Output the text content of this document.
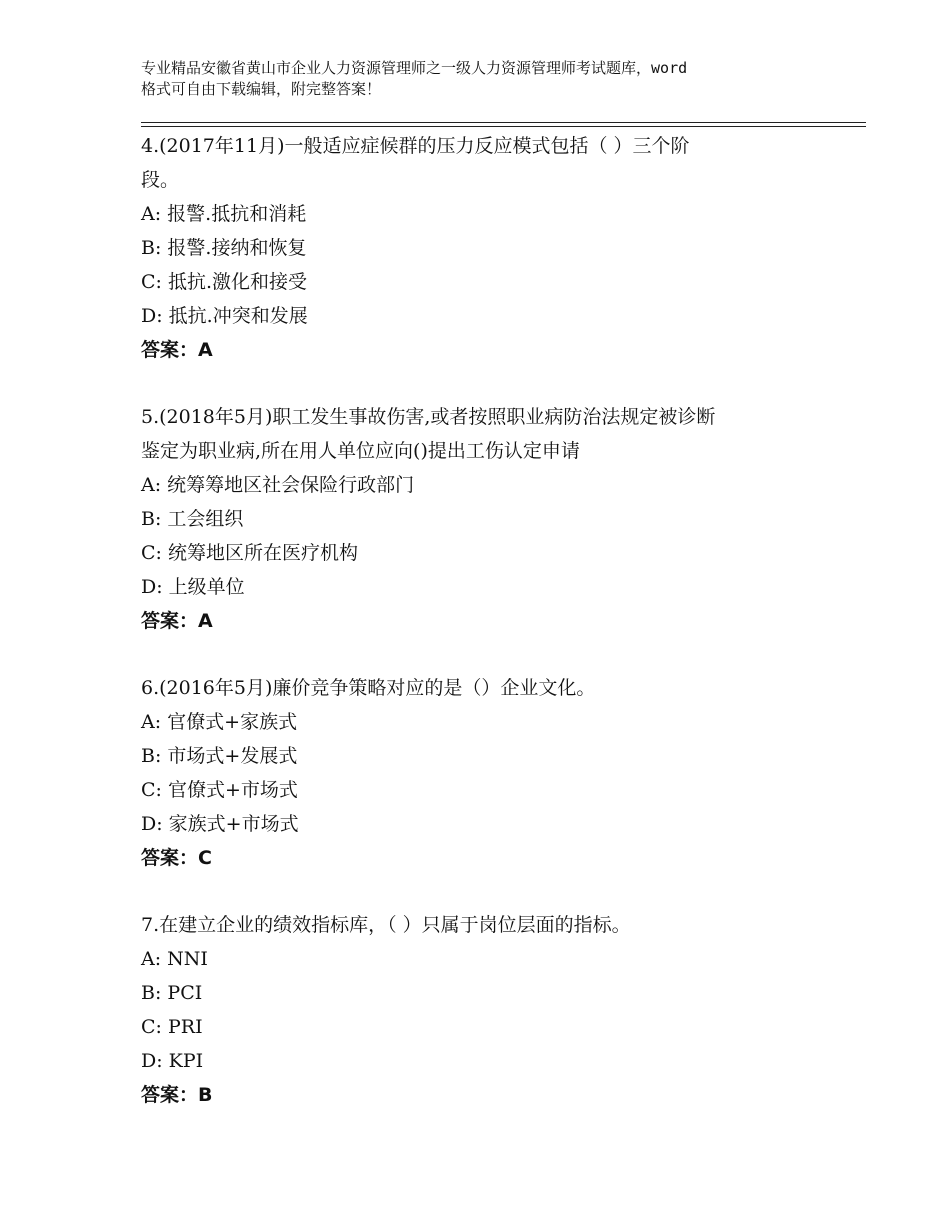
专业精品安徽省黄山市企业人力资源管理师之一级人力资源管理师考试题库，word
格式可自由下载编辑，附完整答案！
4.(2017年11月)一般适应症候群的压力反应模式包括（ ）三个阶
段。
A: 报警.抵抗和消耗
B: 报警.接纳和恢复
C: 抵抗.激化和接受
D: 抵抗.冲突和发展
答案：A
5.(2018年5月)职工发生事故伤害,或者按照职业病防治法规定被诊断
鉴定为职业病,所在用人单位应向()提出工伤认定申请
A: 统筹筹地区社会保险行政部门
B: 工会组织
C: 统筹地区所在医疗机构
D: 上级单位
答案：A
6.(2016年5月)廉价竞争策略对应的是（）企业文化。
A: 官僚式+家族式
B: 市场式+发展式
C: 官僚式+市场式
D: 家族式+市场式
答案：C
7.在建立企业的绩效指标库，（ ）只属于岗位层面的指标。
A: NNI
B: PCI
C: PRI
D: KPI
答案：B
